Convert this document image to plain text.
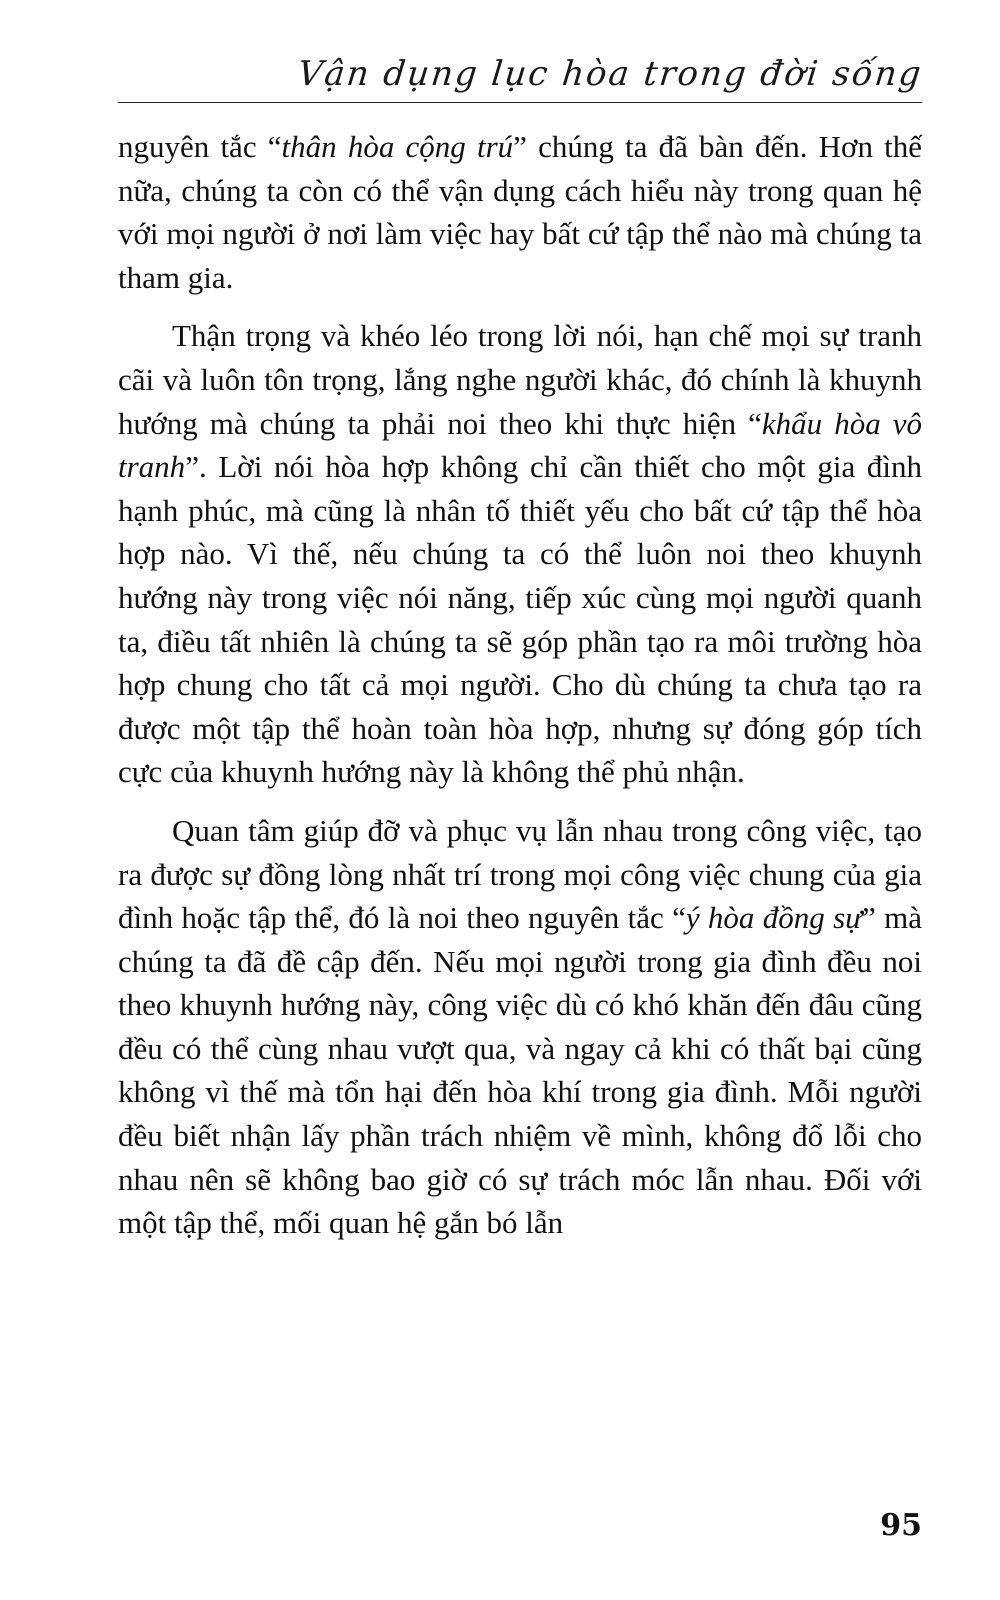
Vận dụng lục hòa trong đời sống

nguyên tắc “thân hòa cộng trú” chúng ta đã bàn đến. Hơn thế nữa, chúng ta còn có thể vận dụng cách hiểu này trong quan hệ với mọi người ở nơi làm việc hay bất cứ tập thể nào mà chúng ta tham gia.

Thận trọng và khéo léo trong lời nói, hạn chế mọi sự tranh cãi và luôn tôn trọng, lắng nghe người khác, đó chính là khuynh hướng mà chúng ta phải noi theo khi thực hiện “khẩu hòa vô tranh”. Lời nói hòa hợp không chỉ cần thiết cho một gia đình hạnh phúc, mà cũng là nhân tố thiết yếu cho bất cứ tập thể hòa hợp nào. Vì thế, nếu chúng ta có thể luôn noi theo khuynh hướng này trong việc nói năng, tiếp xúc cùng mọi người quanh ta, điều tất nhiên là chúng ta sẽ góp phần tạo ra môi trường hòa hợp chung cho tất cả mọi người. Cho dù chúng ta chưa tạo ra được một tập thể hoàn toàn hòa hợp, nhưng sự đóng góp tích cực của khuynh hướng này là không thể phủ nhận.

Quan tâm giúp đỡ và phục vụ lẫn nhau trong công việc, tạo ra được sự đồng lòng nhất trí trong mọi công việc chung của gia đình hoặc tập thể, đó là noi theo nguyên tắc “ý hòa đồng sự” mà chúng ta đã đề cập đến. Nếu mọi người trong gia đình đều noi theo khuynh hướng này, công việc dù có khó khăn đến đâu cũng đều có thể cùng nhau vượt qua, và ngay cả khi có thất bại cũng không vì thế mà tổn hại đến hòa khí trong gia đình. Mỗi người đều biết nhận lấy phần trách nhiệm về mình, không đổ lỗi cho nhau nên sẽ không bao giờ có sự trách móc lẫn nhau. Đối với một tập thể, mối quan hệ gắn bó lẫn

95
